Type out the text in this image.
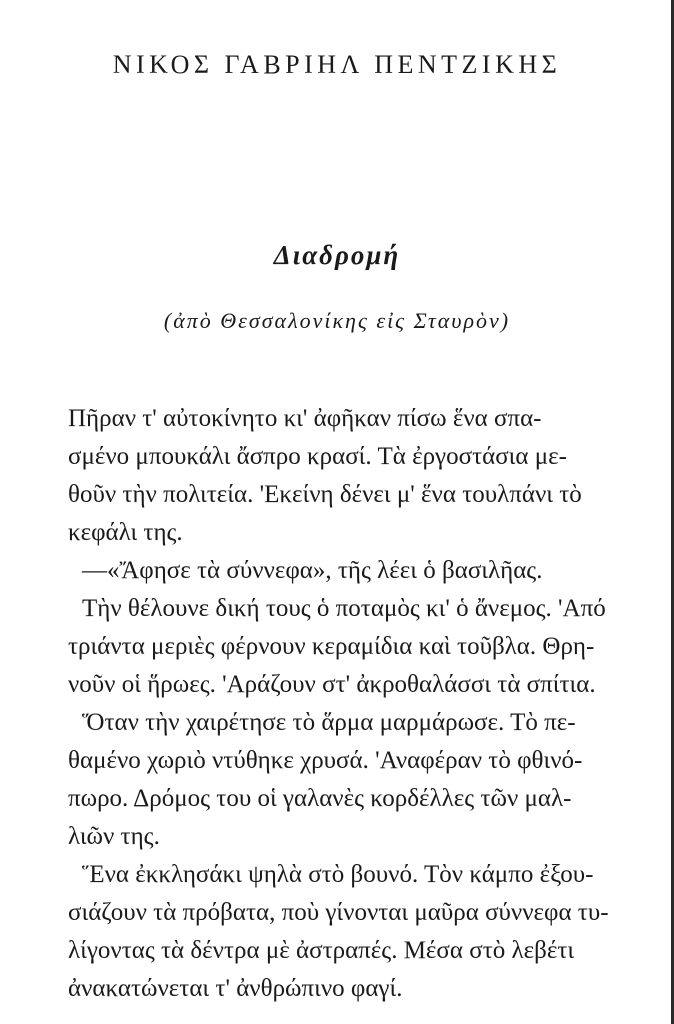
ΝΙΚΟΣ ΓΑΒΡΙΗΛ ΠΕΝΤΖΙΚΗΣ
Διαδρομή
(ἀπὸ Θεσσαλονίκης εἰς Σταυρὸν)
Πῆραν τ' αὐτοκίνητο κι' ἀφῆκαν πίσω ἕνα σπα-
σμένο μπουκάλι ἄσπρο κρασί. Τὰ ἐργοστάσια με-
θοῦν τὴν πολιτεία. 'Εκείνη δένει μ' ἕνα τουλπάνι τὸ
κεφάλι της.
—«Ἄφησε τὰ σύννεφα», τῆς λέει ὁ βασιλῆας.
Τὴν θέλουνε δική τους ὁ ποταμὸς κι' ὁ ἄνεμος. 'Από
τριάντα μεριὲς φέρνουν κεραμίδια καὶ τοῦβλα. Θρη-
νοῦν οἱ ἥρωες. 'Αράζουν στ' ἀκροθαλάσσι τὰ σπίτια.
Ὅταν τὴν χαιρέτησε τὸ ἅρμα μαρμάρωσε. Τὸ πε-
θαμένο χωριὸ ντύθηκε χρυσά. 'Αναφέραν τὸ φθινό-
πωρο. Δρόμος του οἱ γαλανὲς κορδέλλες τῶν μαλ-
λιῶν της.
Ἕνα ἐκκλησάκι ψηλὰ στὸ βουνό. Τὸν κάμπο ἐξου-
σιάζουν τὰ πρόβατα, ποὺ γίνονται μαῦρα σύννεφα τυ-
λίγοντας τὰ δέντρα μὲ ἀστραπές. Μέσα στὸ λεβέτι
ἀνακατώνεται τ' ἀνθρώπινο φαγί.
